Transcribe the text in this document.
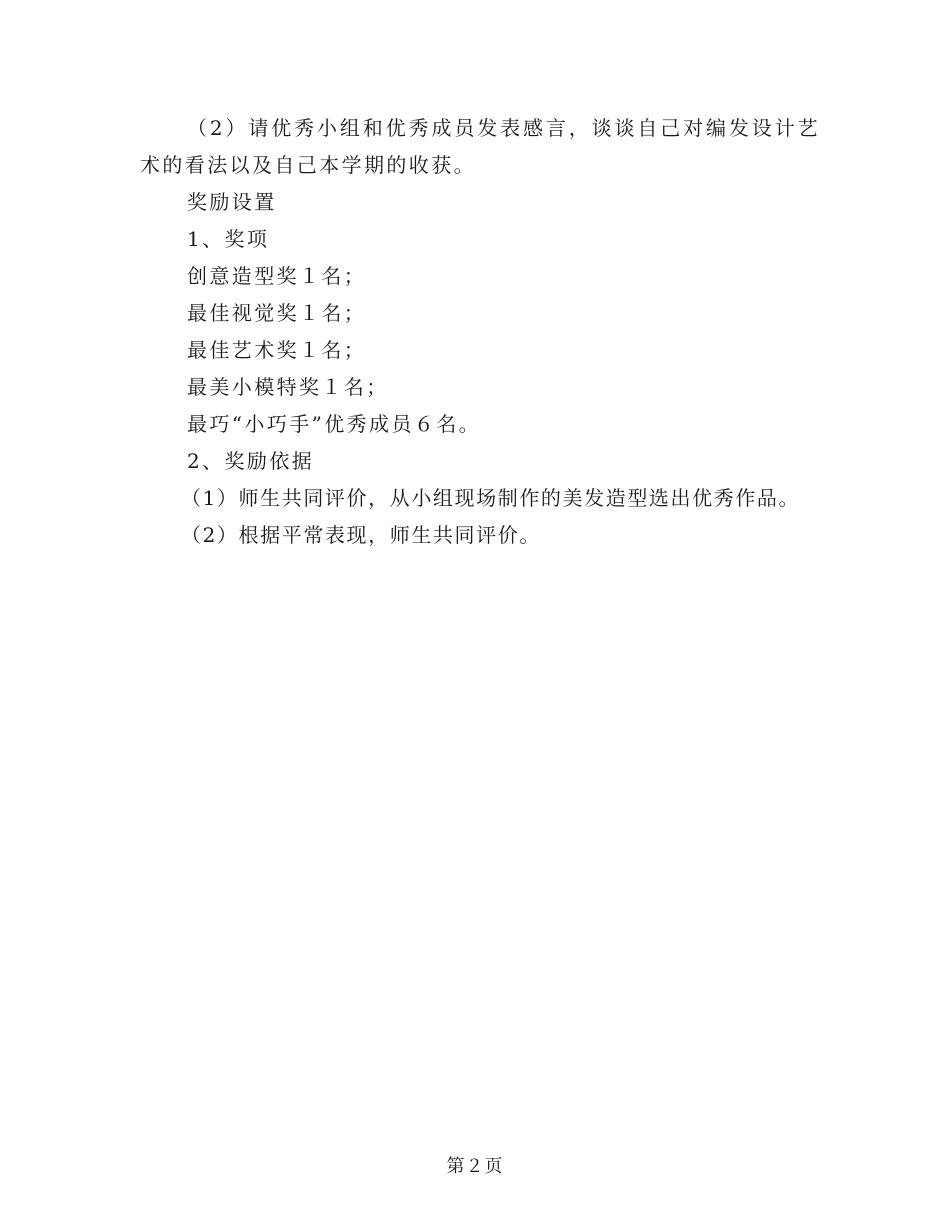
（2）请优秀小组和优秀成员发表感言，谈谈自己对编发设计艺术的看法以及自己本学期的收获。

奖励设置

1、奖项

创意造型奖１名；

最佳视觉奖１名；

最佳艺术奖１名；

最美小模特奖１名；

最巧“小巧手”优秀成员６名。

2、奖励依据

（1）师生共同评价，从小组现场制作的美发造型选出优秀作品。

（2）根据平常表现，师生共同评价。

第２页
